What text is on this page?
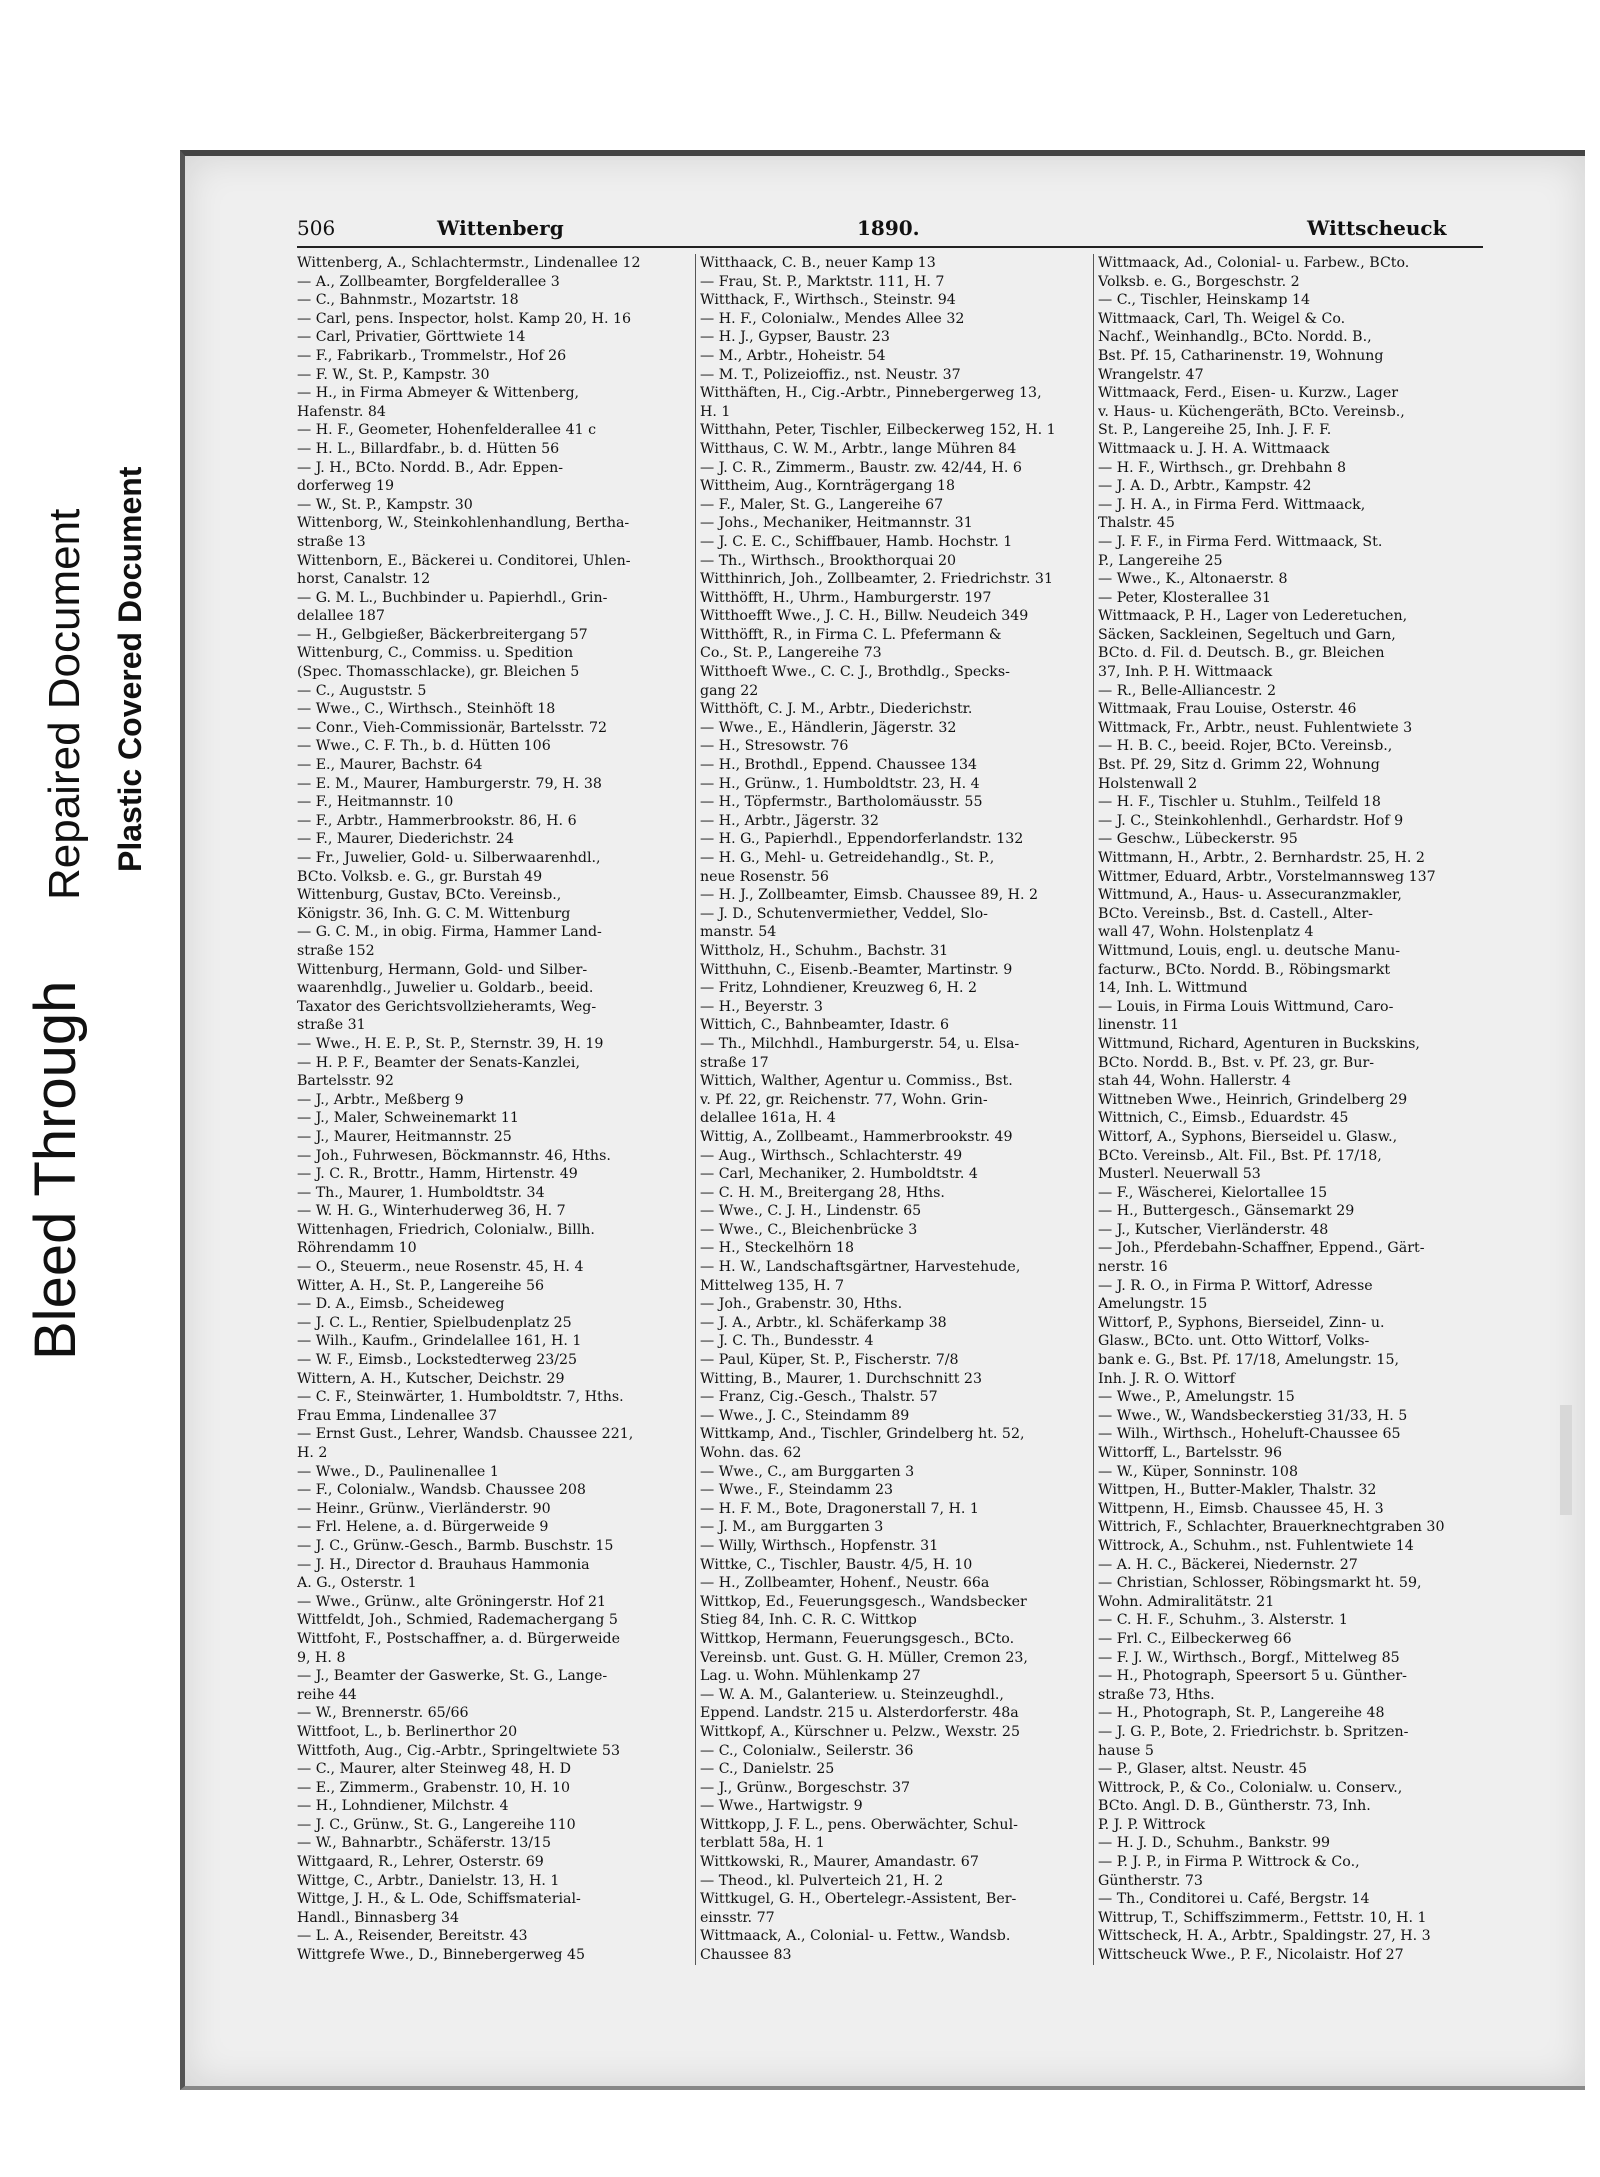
Bleed Through
Repaired Document Plastic Covered Document
506	Wittenberg	1890.	Wittscheuck

Wittenberg, A., Schlachtermstr., Lindenallee 12

— A., Zollbeamter, Borgfelderallee 3

— C., Bahnmstr., Mozartstr. 18

— Carl, pens. Inspector, holst. Kamp 20, H. 16

— Carl, Privatier, Görttwiete 14

— F., Fabrikarb., Trommelstr., Hof 26

— F. W., St. P., Kampstr. 30

— H., in Firma Abmeyer & Wittenberg,

Hafenstr. 84

— H. F., Geometer, Hohenfelderallee 41 c

— H. L., Billardfabr., b. d. Hütten 56

— J. H., BCto. Nordd. B., Adr. Eppen-

dorferweg 19

— W., St. P., Kampstr. 30

Wittenborg, W., Steinkohlenhandlung, Bertha-

straße 13

Wittenborn, E., Bäckerei u. Conditorei, Uhlen-

horst, Canalstr. 12

— G. M. L., Buchbinder u. Papierhdl., Grin-

delallee 187

— H., Gelbgießer, Bäckerbreitergang 57

Wittenburg, C., Commiss. u. Spedition

(Spec. Thomasschlacke), gr. Bleichen 5

— C., Auguststr. 5

— Wwe., C., Wirthsch., Steinhöft 18

— Conr., Vieh-Commissionär, Bartelsstr. 72

— Wwe., C. F. Th., b. d. Hütten 106

— E., Maurer, Bachstr. 64

— E. M., Maurer, Hamburgerstr. 79, H. 38

— F., Heitmannstr. 10

— F., Arbtr., Hammerbrookstr. 86, H. 6

— F., Maurer, Diederichstr. 24

— Fr., Juwelier, Gold- u. Silberwaarenhdl.,

BCto. Volksb. e. G., gr. Burstah 49

Wittenburg, Gustav, BCto. Vereinsb.,

Königstr. 36, Inh. G. C. M. Wittenburg

— G. C. M., in obig. Firma, Hammer Land-

straße 152

Wittenburg, Hermann, Gold- und Silber-

waarenhdlg., Juwelier u. Goldarb., beeid.

Taxator des Gerichtsvollzieheramts, Weg-

straße 31

— Wwe., H. E. P., St. P., Sternstr. 39, H. 19

— H. P. F., Beamter der Senats-Kanzlei,

Bartelsstr. 92

— J., Arbtr., Meßberg 9

— J., Maler, Schweinemarkt 11

— J., Maurer, Heitmannstr. 25

— Joh., Fuhrwesen, Böckmannstr. 46, Hths.

— J. C. R., Brottr., Hamm, Hirtenstr. 49

— Th., Maurer, 1. Humboldtstr. 34

— W. H. G., Winterhuderweg 36, H. 7

Wittenhagen, Friedrich, Colonialw., Billh.

Röhrendamm 10

— O., Steuerm., neue Rosenstr. 45, H. 4

Witter, A. H., St. P., Langereihe 56

— D. A., Eimsb., Scheideweg

— J. C. L., Rentier, Spielbudenplatz 25

— Wilh., Kaufm., Grindelallee 161, H. 1

— W. F., Eimsb., Lockstedterweg 23/25

Wittern, A. H., Kutscher, Deichstr. 29

— C. F., Steinwärter, 1. Humboldtstr. 7, Hths.

Frau Emma, Lindenallee 37

— Ernst Gust., Lehrer, Wandsb. Chaussee 221,

H. 2

— Wwe., D., Paulinenallee 1

— F., Colonialw., Wandsb. Chaussee 208

— Heinr., Grünw., Vierländerstr. 90

— Frl. Helene, a. d. Bürgerweide 9

— J. C., Grünw.-Gesch., Barmb. Buschstr. 15

— J. H., Director d. Brauhaus Hammonia

A. G., Osterstr. 1

— Wwe., Grünw., alte Gröningerstr. Hof 21

Wittfeldt, Joh., Schmied, Rademachergang 5

Wittfoht, F., Postschaffner, a. d. Bürgerweide

9, H. 8

— J., Beamter der Gaswerke, St. G., Lange-

reihe 44

— W., Brennerstr. 65/66

Wittfoot, L., b. Berlinerthor 20

Wittfoth, Aug., Cig.-Arbtr., Springeltwiete 53

— C., Maurer, alter Steinweg 48, H. D

— E., Zimmerm., Grabenstr. 10, H. 10

— H., Lohndiener, Milchstr. 4

— J. C., Grünw., St. G., Langereihe 110

— W., Bahnarbtr., Schäferstr. 13/15

Wittgaard, R., Lehrer, Osterstr. 69

Wittge, C., Arbtr., Danielstr. 13, H. 1

Wittge, J. H., & L. Ode, Schiffsmaterial-

Handl., Binnasberg 34

— L. A., Reisender, Bereitstr. 43

Wittgrefe Wwe., D., Binnebergerweg 45

Witthaack, C. B., neuer Kamp 13

— Frau, St. P., Marktstr. 111, H. 7

Witthack, F., Wirthsch., Steinstr. 94

— H. F., Colonialw., Mendes Allee 32

— H. J., Gypser, Baustr. 23

— M., Arbtr., Hoheistr. 54

— M. T., Polizeioffiz., nst. Neustr. 37

Witthäften, H., Cig.-Arbtr., Pinnebergerweg 13,

H. 1

Witthahn, Peter, Tischler, Eilbeckerweg 152, H. 1

Witthaus, C. W. M., Arbtr., lange Mühren 84

— J. C. R., Zimmerm., Baustr. zw. 42/44, H. 6

Wittheim, Aug., Kornträgergang 18

— F., Maler, St. G., Langereihe 67

— Johs., Mechaniker, Heitmannstr. 31

— J. C. E. C., Schiffbauer, Hamb. Hochstr. 1

— Th., Wirthsch., Brookthorquai 20

Witthinrich, Joh., Zollbeamter, 2. Friedrichstr. 31

Witthöfft, H., Uhrm., Hamburgerstr. 197

Witthoefft Wwe., J. C. H., Billw. Neudeich 349

Witthöfft, R., in Firma C. L. Pfefermann &

Co., St. P., Langereihe 73

Witthoeft Wwe., C. C. J., Brothdlg., Specks-

gang 22

Witthöft, C. J. M., Arbtr., Diederichstr.

— Wwe., E., Händlerin, Jägerstr. 32

— H., Stresowstr. 76

— H., Brothdl., Eppend. Chaussee 134

— H., Grünw., 1. Humboldtstr. 23, H. 4

— H., Töpfermstr., Bartholomäusstr. 55

— H., Arbtr., Jägerstr. 32

— H. G., Papierhdl., Eppendorferlandstr. 132

— H. G., Mehl- u. Getreidehandlg., St. P.,

neue Rosenstr. 56

— H. J., Zollbeamter, Eimsb. Chaussee 89, H. 2

— J. D., Schutenvermiether, Veddel, Slo-

manstr. 54

Wittholz, H., Schuhm., Bachstr. 31

Witthuhn, C., Eisenb.-Beamter, Martinstr. 9

— Fritz, Lohndiener, Kreuzweg 6, H. 2

— H., Beyerstr. 3

Wittich, C., Bahnbeamter, Idastr. 6

— Th., Milchhdl., Hamburgerstr. 54, u. Elsa-

straße 17

Wittich, Walther, Agentur u. Commiss., Bst.

v. Pf. 22, gr. Reichenstr. 77, Wohn. Grin-

delallee 161a, H. 4

Wittig, A., Zollbeamt., Hammerbrookstr. 49

— Aug., Wirthsch., Schlachterstr. 49

— Carl, Mechaniker, 2. Humboldtstr. 4

— C. H. M., Breitergang 28, Hths.

— Wwe., C. J. H., Lindenstr. 65

— Wwe., C., Bleichenbrücke 3

— H., Steckelhörn 18

— H. W., Landschaftsgärtner, Harvestehude,

Mittelweg 135, H. 7

— Joh., Grabenstr. 30, Hths.

— J. A., Arbtr., kl. Schäferkamp 38

— J. C. Th., Bundesstr. 4

— Paul, Küper, St. P., Fischerstr. 7/8

Witting, B., Maurer, 1. Durchschnitt 23

— Franz, Cig.-Gesch., Thalstr. 57

— Wwe., J. C., Steindamm 89

Wittkamp, And., Tischler, Grindelberg ht. 52,

Wohn. das. 62

— Wwe., C., am Burggarten 3

— Wwe., F., Steindamm 23

— H. F. M., Bote, Dragonerstall 7, H. 1

— J. M., am Burggarten 3

— Willy, Wirthsch., Hopfenstr. 31

Wittke, C., Tischler, Baustr. 4/5, H. 10

— H., Zollbeamter, Hohenf., Neustr. 66a

Wittkop, Ed., Feuerungsgesch., Wandsbecker

Stieg 84, Inh. C. R. C. Wittkop

Wittkop, Hermann, Feuerungsgesch., BCto.

Vereinsb. unt. Gust. G. H. Müller, Cremon 23,

Lag. u. Wohn. Mühlenkamp 27

— W. A. M., Galanteriew. u. Steinzeughdl.,

Eppend. Landstr. 215 u. Alsterdorferstr. 48a

Wittkopf, A., Kürschner u. Pelzw., Wexstr. 25

— C., Colonialw., Seilerstr. 36

— C., Danielstr. 25

— J., Grünw., Borgeschstr. 37

— Wwe., Hartwigstr. 9

Wittkopp, J. F. L., pens. Oberwächter, Schul-

terblatt 58a, H. 1

Wittkowski, R., Maurer, Amandastr. 67

— Theod., kl. Pulverteich 21, H. 2

Wittkugel, G. H., Obertelegr.-Assistent, Ber-

einsstr. 77

Wittmaack, A., Colonial- u. Fettw., Wandsb.

Chaussee 83

Wittmaack, Ad., Colonial- u. Farbew., BCto.

Volksb. e. G., Borgeschstr. 2

— C., Tischler, Heinskamp 14

Wittmaack, Carl, Th. Weigel & Co.

Nachf., Weinhandlg., BCto. Nordd. B.,

Bst. Pf. 15, Catharinenstr. 19, Wohnung

Wrangelstr. 47

Wittmaack, Ferd., Eisen- u. Kurzw., Lager

v. Haus- u. Küchengeräth, BCto. Vereinsb.,

St. P., Langereihe 25, Inh. J. F. F.

Wittmaack u. J. H. A. Wittmaack

— H. F., Wirthsch., gr. Drehbahn 8

— J. A. D., Arbtr., Kampstr. 42

— J. H. A., in Firma Ferd. Wittmaack,

Thalstr. 45

— J. F. F., in Firma Ferd. Wittmaack, St.

P., Langereihe 25

— Wwe., K., Altonaerstr. 8

— Peter, Klosterallee 31

Wittmaack, P. H., Lager von Lederetuchen,

Säcken, Sackleinen, Segeltuch und Garn,

BCto. d. Fil. d. Deutsch. B., gr. Bleichen

37, Inh. P. H. Wittmaack

— R., Belle-Alliancestr. 2

Wittmaak, Frau Louise, Osterstr. 46

Wittmack, Fr., Arbtr., neust. Fuhlentwiete 3

— H. B. C., beeid. Rojer, BCto. Vereinsb.,

Bst. Pf. 29, Sitz d. Grimm 22, Wohnung

Holstenwall 2

— H. F., Tischler u. Stuhlm., Teilfeld 18

— J. C., Steinkohlenhdl., Gerhardstr. Hof 9

— Geschw., Lübeckerstr. 95

Wittmann, H., Arbtr., 2. Bernhardstr. 25, H. 2

Wittmer, Eduard, Arbtr., Vorstelmannsweg 137

Wittmund, A., Haus- u. Assecuranzmakler,

BCto. Vereinsb., Bst. d. Castell., Alter-

wall 47, Wohn. Holstenplatz 4

Wittmund, Louis, engl. u. deutsche Manu-

facturw., BCto. Nordd. B., Röbingsmarkt

14, Inh. L. Wittmund

— Louis, in Firma Louis Wittmund, Caro-

linenstr. 11

Wittmund, Richard, Agenturen in Buckskins,

BCto. Nordd. B., Bst. v. Pf. 23, gr. Bur-

stah 44, Wohn. Hallerstr. 4

Wittneben Wwe., Heinrich, Grindelberg 29

Wittnich, C., Eimsb., Eduardstr. 45

Wittorf, A., Syphons, Bierseidel u. Glasw.,

BCto. Vereinsb., Alt. Fil., Bst. Pf. 17/18,

Musterl. Neuerwall 53

— F., Wäscherei, Kielortallee 15

— H., Buttergesch., Gänsemarkt 29

— J., Kutscher, Vierländerstr. 48

— Joh., Pferdebahn-Schaffner, Eppend., Gärt-

nerstr. 16

— J. R. O., in Firma P. Wittorf, Adresse

Amelungstr. 15

Wittorf, P., Syphons, Bierseidel, Zinn- u.

Glasw., BCto. unt. Otto Wittorf, Volks-

bank e. G., Bst. Pf. 17/18, Amelungstr. 15,

Inh. J. R. O. Wittorf

— Wwe., P., Amelungstr. 15

— Wwe., W., Wandsbeckerstieg 31/33, H. 5

— Wilh., Wirthsch., Hoheluft-Chaussee 65

Wittorff, L., Bartelsstr. 96

— W., Küper, Sonninstr. 108

Wittpen, H., Butter-Makler, Thalstr. 32

Wittpenn, H., Eimsb. Chaussee 45, H. 3

Wittrich, F., Schlachter, Brauerknechtgraben 30

Wittrock, A., Schuhm., nst. Fuhlentwiete 14

— A. H. C., Bäckerei, Niedernstr. 27

— Christian, Schlosser, Röbingsmarkt ht. 59,

Wohn. Admiralitätstr. 21

— C. H. F., Schuhm., 3. Alsterstr. 1

— Frl. C., Eilbeckerweg 66

— F. J. W., Wirthsch., Borgf., Mittelweg 85

— H., Photograph, Speersort 5 u. Günther-

straße 73, Hths.

— H., Photograph, St. P., Langereihe 48

— J. G. P., Bote, 2. Friedrichstr. b. Spritzen-

hause 5

— P., Glaser, altst. Neustr. 45

Wittrock, P., & Co., Colonialw. u. Conserv.,

BCto. Angl. D. B., Güntherstr. 73, Inh.

P. J. P. Wittrock

— H. J. D., Schuhm., Bankstr. 99

— P. J. P., in Firma P. Wittrock & Co.,

Güntherstr. 73

— Th., Conditorei u. Café, Bergstr. 14

Wittrup, T., Schiffszimmerm., Fettstr. 10, H. 1

Wittscheck, H. A., Arbtr., Spaldingstr. 27, H. 3

Wittscheuck Wwe., P. F., Nicolaistr. Hof 27
